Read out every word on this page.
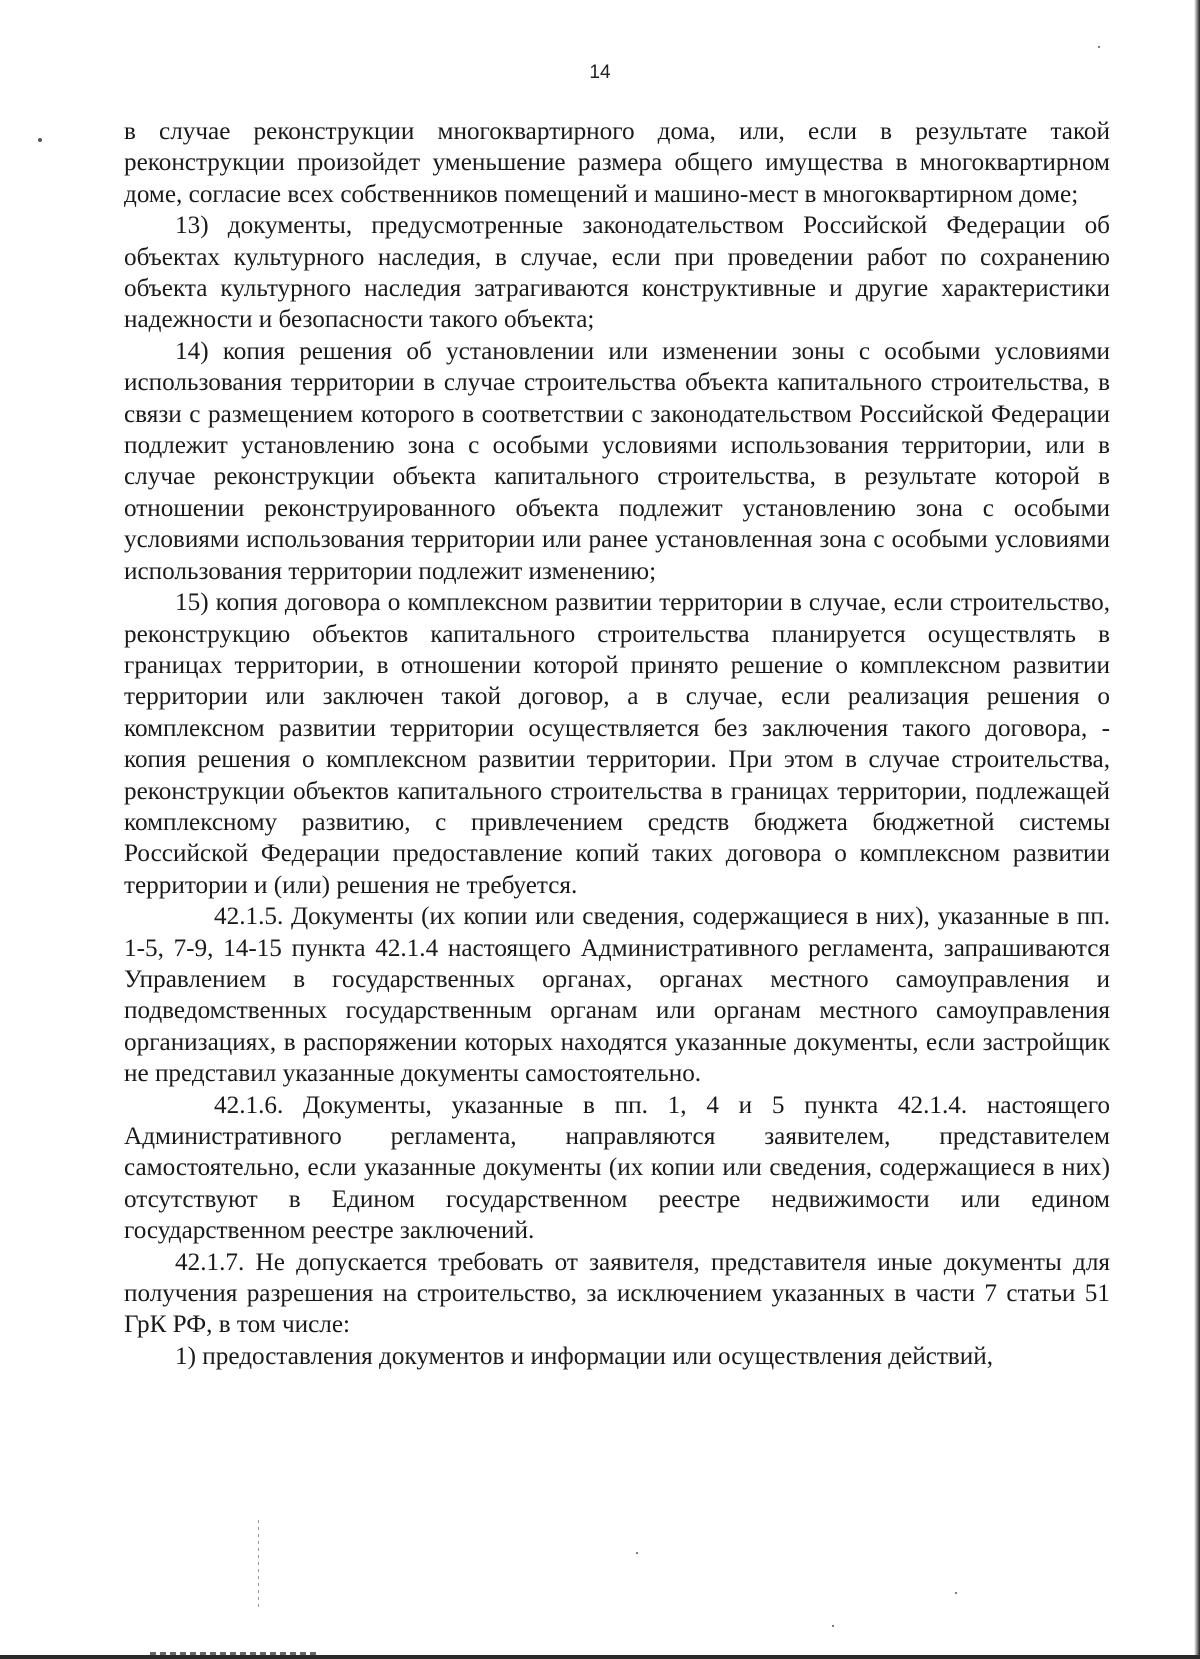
14

в случае реконструкции многоквартирного дома, или, если в результате такой реконструкции произойдет уменьшение размера общего имущества в многоквартирном доме, согласие всех собственников помещений и машино-мест в многоквартирном доме;

13) документы, предусмотренные законодательством Российской Федерации об объектах культурного наследия, в случае, если при проведении работ по сохранению объекта культурного наследия затрагиваются конструктивные и другие характеристики надежности и безопасности такого объекта;

14) копия решения об установлении или изменении зоны с особыми условиями использования территории в случае строительства объекта капитального строительства, в связи с размещением которого в соответствии с законодательством Российской Федерации подлежит установлению зона с особыми условиями использования территории, или в случае реконструкции объекта капитального строительства, в результате которой в отношении реконструированного объекта подлежит установлению зона с особыми условиями использования территории или ранее установленная зона с особыми условиями использования территории подлежит изменению;

15) копия договора о комплексном развитии территории в случае, если строительство, реконструкцию объектов капитального строительства планируется осуществлять в границах территории, в отношении которой принято решение о комплексном развитии территории или заключен такой договор, а в случае, если реализация решения о комплексном развитии территории осуществляется без заключения такого договора, - копия решения о комплексном развитии территории. При этом в случае строительства, реконструкции объектов капитального строительства в границах территории, подлежащей комплексному развитию, с привлечением средств бюджета бюджетной системы Российской Федерации предоставление копий таких договора о комплексном развитии территории и (или) решения не требуется.

42.1.5. Документы (их копии или сведения, содержащиеся в них), указанные в пп. 1-5, 7-9, 14-15 пункта 42.1.4 настоящего Административного регламента, запрашиваются Управлением в государственных органах, органах местного самоуправления и подведомственных государственным органам или органам местного самоуправления организациях, в распоряжении которых находятся указанные документы, если застройщик не представил указанные документы самостоятельно.

42.1.6. Документы, указанные в пп. 1, 4 и 5 пункта 42.1.4. настоящего Административного регламента, направляются заявителем, представителем самостоятельно, если указанные документы (их копии или сведения, содержащиеся в них) отсутствуют в Едином государственном реестре недвижимости или едином государственном реестре заключений.

42.1.7. Не допускается требовать от заявителя, представителя иные документы для получения разрешения на строительство, за исключением указанных в части 7 статьи 51 ГрК РФ, в том числе:

1) предоставления документов и информации или осуществления действий,
